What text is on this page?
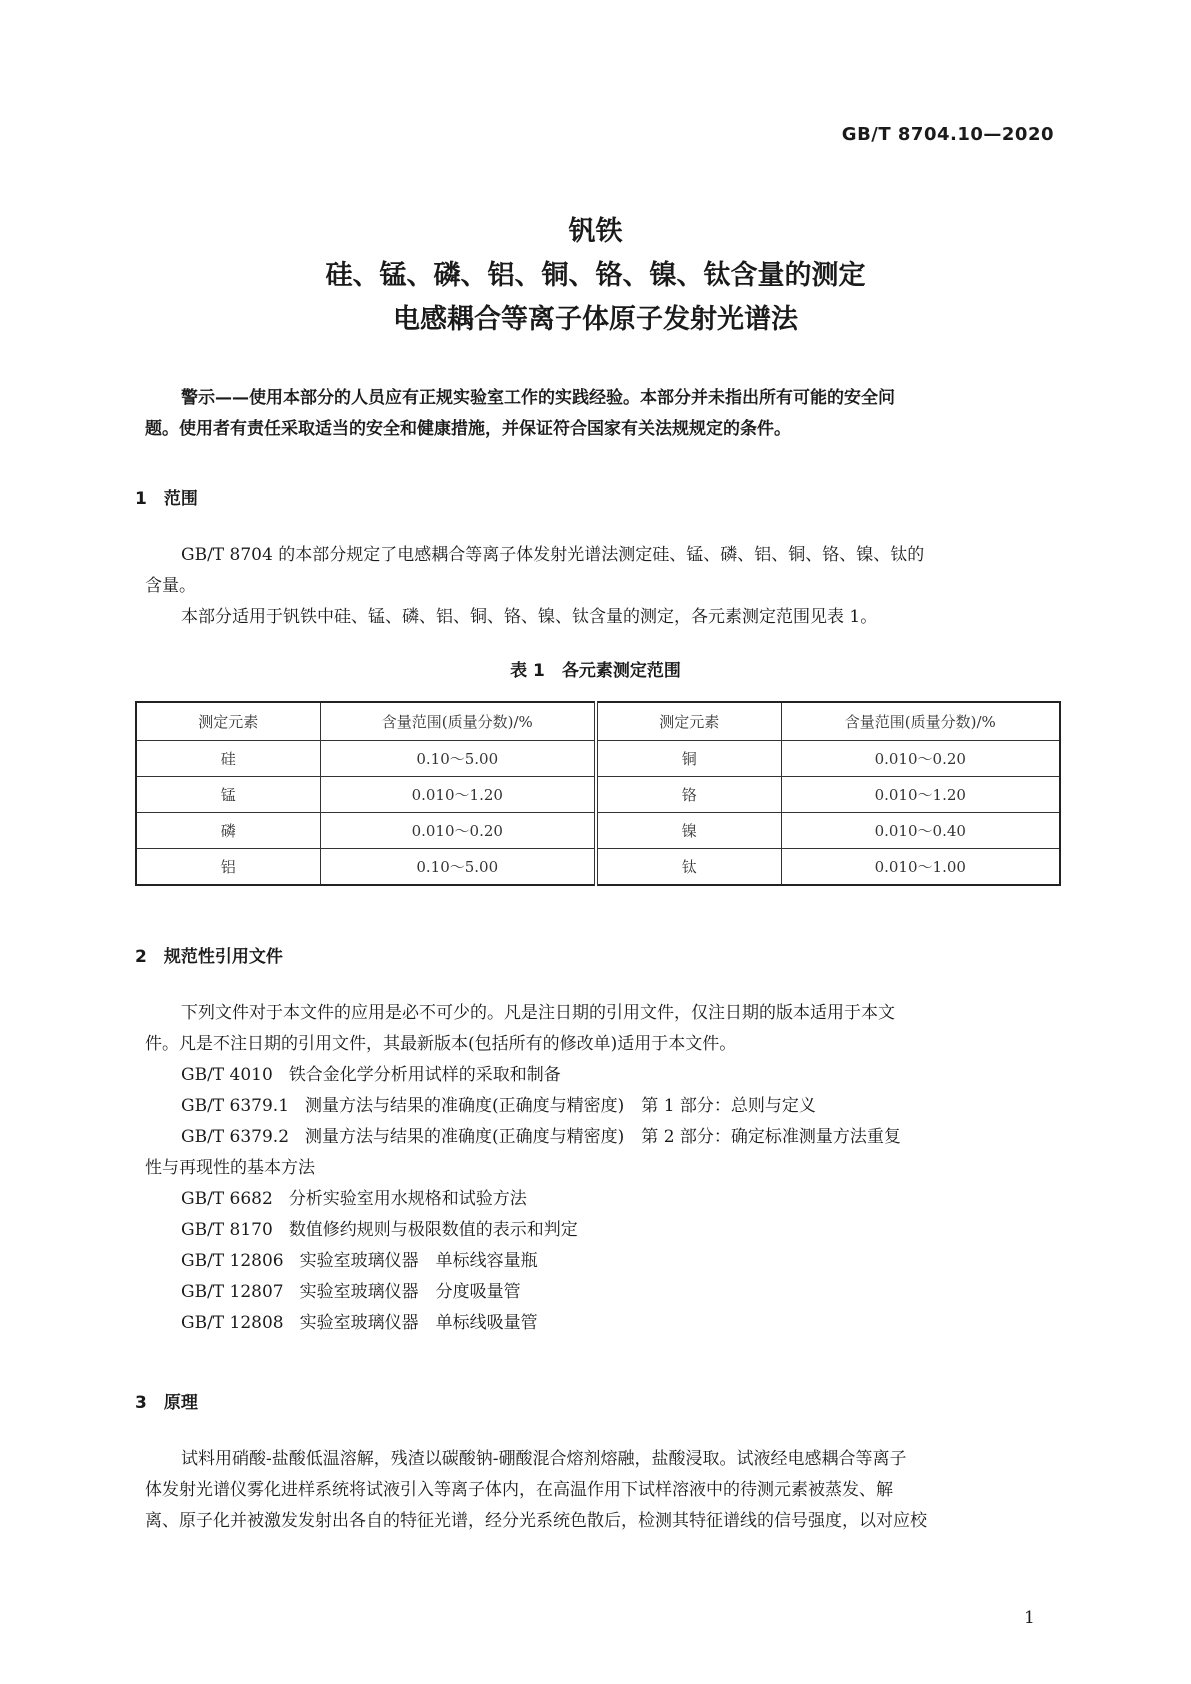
GB/T 8704.10—2020
钒铁
硅、锰、磷、铝、铜、铬、镍、钛含量的测定
电感耦合等离子体原子发射光谱法
警示——使用本部分的人员应有正规实验室工作的实践经验。本部分并未指出所有可能的安全问
题。使用者有责任采取适当的安全和健康措施，并保证符合国家有关法规规定的条件。
1　范围
GB/T 8704 的本部分规定了电感耦合等离子体发射光谱法测定硅、锰、磷、铝、铜、铬、镍、钛的
含量。
本部分适用于钒铁中硅、锰、磷、铝、铜、铬、镍、钛含量的测定，各元素测定范围见表 1。
表 1　各元素测定范围
测定元素	含量范围(质量分数)/%	测定元素	含量范围(质量分数)/%
硅	0.10～5.00	铜	0.010～0.20
锰	0.010～1.20	铬	0.010～1.20
磷	0.010～0.20	镍	0.010～0.40
铝	0.10～5.00	钛	0.010～1.00
2　规范性引用文件
下列文件对于本文件的应用是必不可少的。凡是注日期的引用文件，仅注日期的版本适用于本文
件。凡是不注日期的引用文件，其最新版本(包括所有的修改单)适用于本文件。
GB/T 4010 铁合金化学分析用试样的采取和制备
GB/T 6379.1 测量方法与结果的准确度(正确度与精密度)　第 1 部分：总则与定义
GB/T 6379.2 测量方法与结果的准确度(正确度与精密度)　第 2 部分：确定标准测量方法重复
性与再现性的基本方法
GB/T 6682 分析实验室用水规格和试验方法
GB/T 8170 数值修约规则与极限数值的表示和判定
GB/T 12806 实验室玻璃仪器　单标线容量瓶
GB/T 12807 实验室玻璃仪器　分度吸量管
GB/T 12808 实验室玻璃仪器　单标线吸量管
3　原理
试料用硝酸-盐酸低温溶解，残渣以碳酸钠-硼酸混合熔剂熔融，盐酸浸取。试液经电感耦合等离子
体发射光谱仪雾化进样系统将试液引入等离子体内，在高温作用下试样溶液中的待测元素被蒸发、解
离、原子化并被激发发射出各自的特征光谱，经分光系统色散后，检测其特征谱线的信号强度，以对应校
1
